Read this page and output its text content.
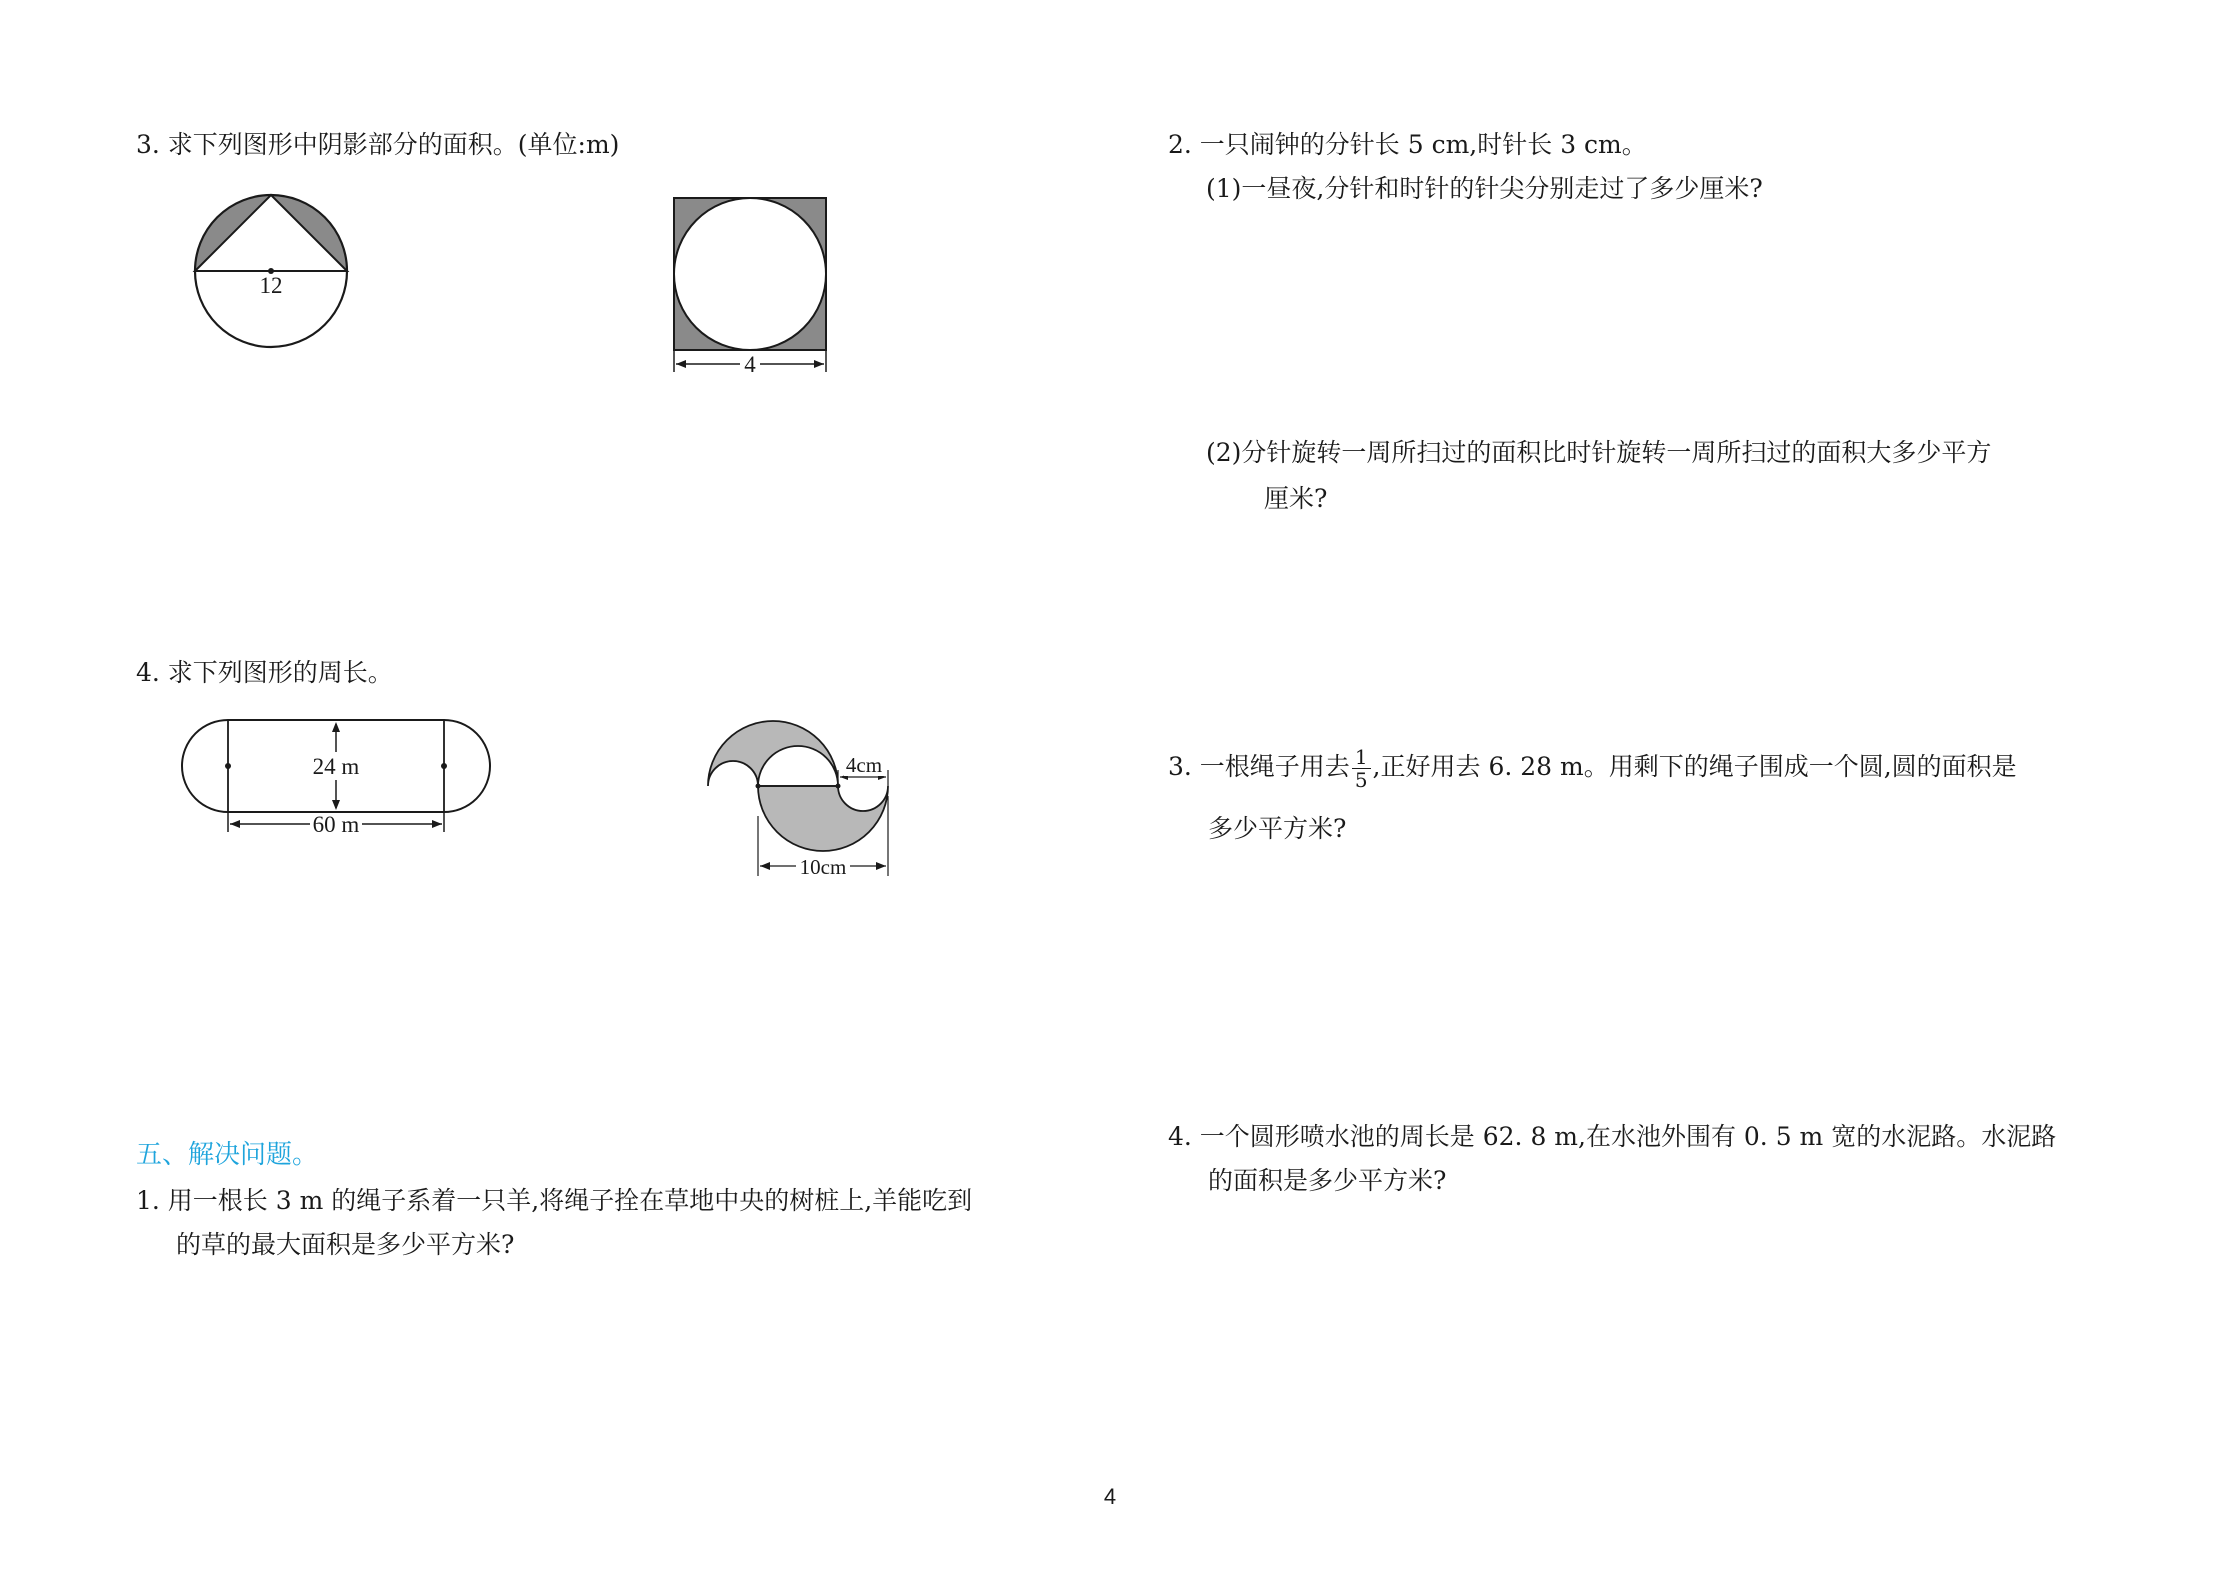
3. 求下列图形中阴影部分的面积。(单位:m)

12
4

4. 求下列图形的周长。

24 m
60 m
4cm
10cm

五、解决问题。

1. 用一根长 3 m 的绳子系着一只羊,将绳子拴在草地中央的树桩上,羊能吃到

的草的最大面积是多少平方米?

2. 一只闹钟的分针长 5 cm,时针长 3 cm。

(1)一昼夜,分针和时针的针尖分别走过了多少厘米?

(2)分针旋转一周所扫过的面积比时针旋转一周所扫过的面积大多少平方

厘米?

3. 一根绳子用去 $\frac{1}{5}$ ,正好用去 6. 28 m。用剩下的绳子围成一个圆,圆的面积是

多少平方米?

4. 一个圆形喷水池的周长是 62. 8 m,在水池外围有 0. 5 m 宽的水泥路。水泥路

的面积是多少平方米?

4
